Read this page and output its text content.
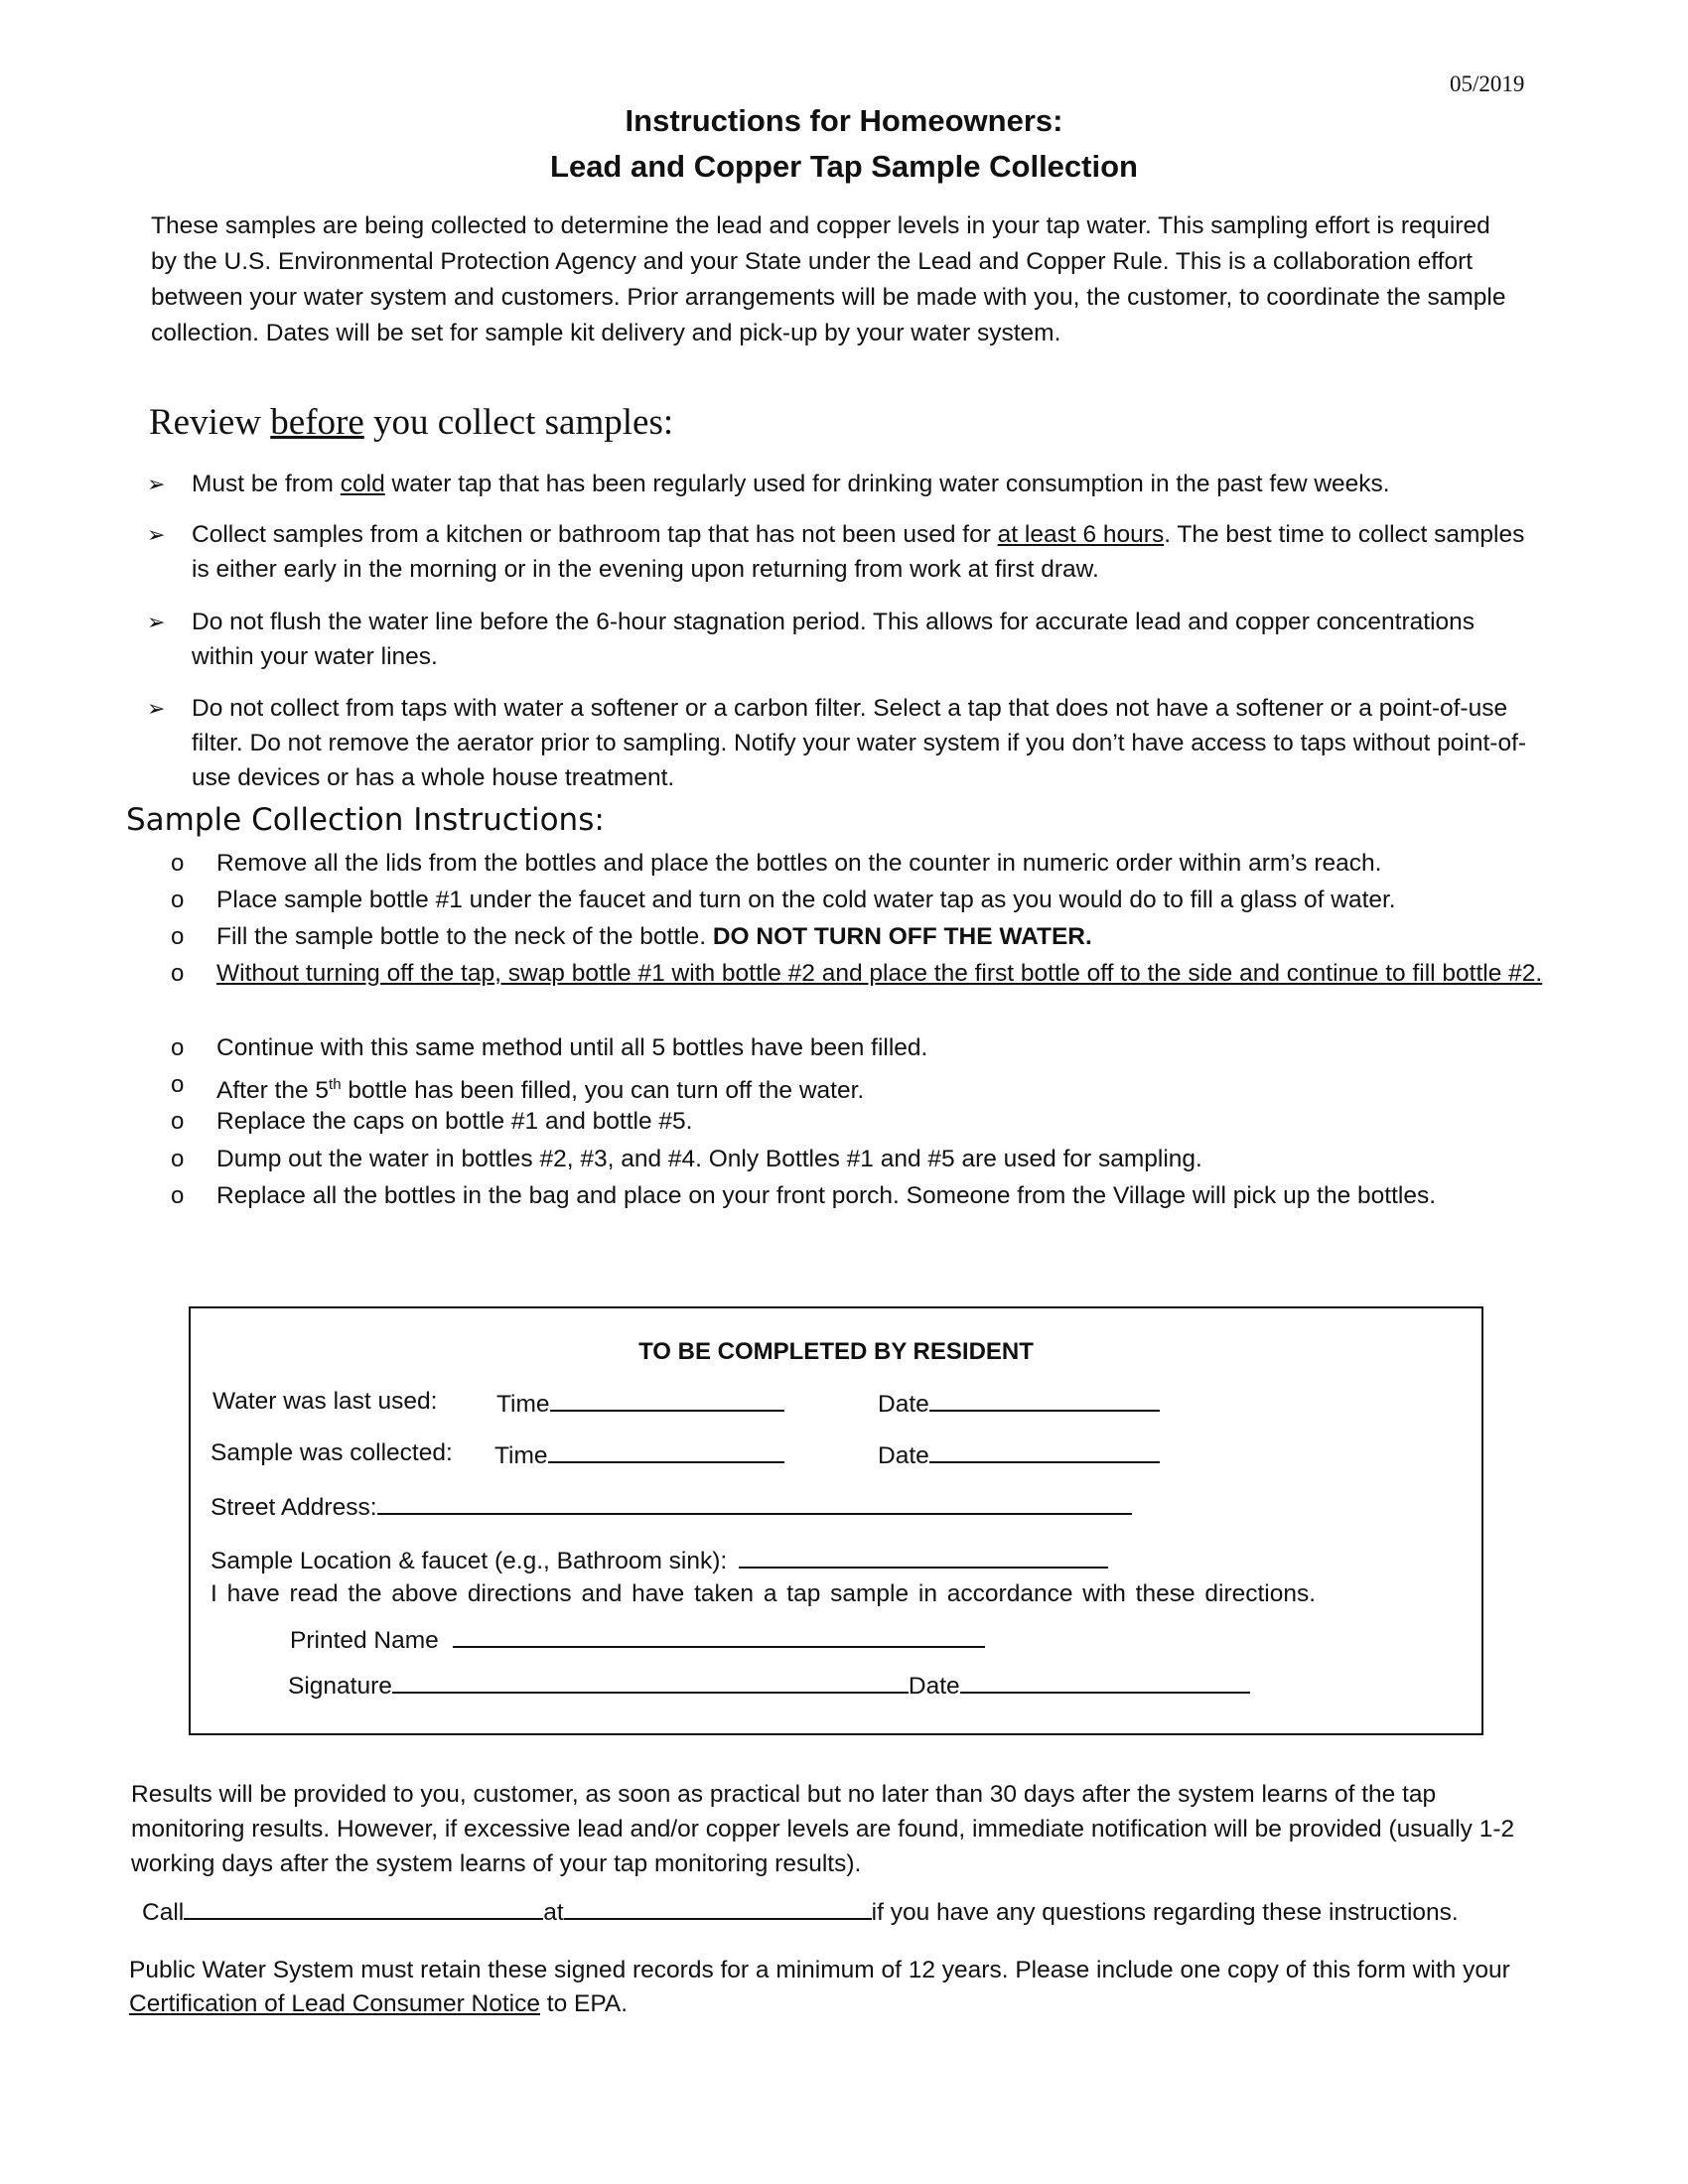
05/2019
Instructions for Homeowners:
Lead and Copper Tap Sample Collection
These samples are being collected to determine the lead and copper levels in your tap water. This sampling effort is required by the U.S. Environmental Protection Agency and your State under the Lead and Copper Rule. This is a collaboration effort between your water system and customers. Prior arrangements will be made with you, the customer, to coordinate the sample collection. Dates will be set for sample kit delivery and pick-up by your water system.
Review before you collect samples:
➢ Must be from cold water tap that has been regularly used for drinking water consumption in the past few weeks.
➢ Collect samples from a kitchen or bathroom tap that has not been used for at least 6 hours. The best time to collect samples is either early in the morning or in the evening upon returning from work at first draw.
➢ Do not flush the water line before the 6-hour stagnation period. This allows for accurate lead and copper concentrations within your water lines.
➢ Do not collect from taps with water a softener or a carbon filter. Select a tap that does not have a softener or a point-of-use filter. Do not remove the aerator prior to sampling. Notify your water system if you don’t have access to taps without point-of-use devices or has a whole house treatment.
Sample Collection Instructions:
o Remove all the lids from the bottles and place the bottles on the counter in numeric order within arm’s reach.
o Place sample bottle #1 under the faucet and turn on the cold water tap as you would do to fill a glass of water.
o Fill the sample bottle to the neck of the bottle. DO NOT TURN OFF THE WATER.
o Without turning off the tap, swap bottle #1 with bottle #2 and place the first bottle off to the side and continue to fill bottle #2.
o Continue with this same method until all 5 bottles have been filled.
o After the 5th bottle has been filled, you can turn off the water.
o Replace the caps on bottle #1 and bottle #5.
o Dump out the water in bottles #2, #3, and #4. Only Bottles #1 and #5 are used for sampling.
o Replace all the bottles in the bag and place on your front porch. Someone from the Village will pick up the bottles.
TO BE COMPLETED BY RESIDENT
Water was last used: Time	Date
Sample was collected: Time	Date
Street Address:
Sample Location & faucet (e.g., Bathroom sink):
I have read the above directions and have taken a tap sample in accordance with these directions.
Printed Name
Signature	Date
Results will be provided to you, customer, as soon as practical but no later than 30 days after the system learns of the tap monitoring results. However, if excessive lead and/or copper levels are found, immediate notification will be provided (usually 1-2 working days after the system learns of your tap monitoring results).
Call	at	if you have any questions regarding these instructions.
Public Water System must retain these signed records for a minimum of 12 years. Please include one copy of this form with your Certification of Lead Consumer Notice to EPA.
